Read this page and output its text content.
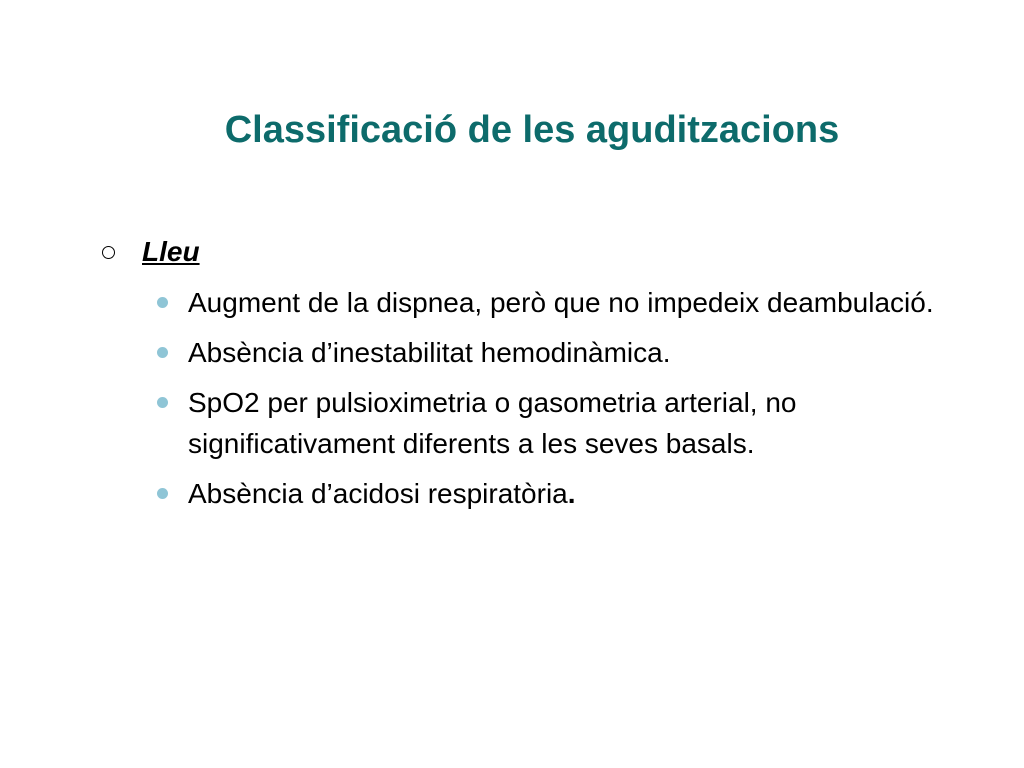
Classificació de les aguditzacions
Lleu
Augment de la dispnea, però que no impedeix deambulació.
Absència d’inestabilitat hemodinàmica.
SpO2 per pulsioximetria o gasometria arterial, no significativament diferents a les seves basals.
Absència d’acidosi respiratòria.
